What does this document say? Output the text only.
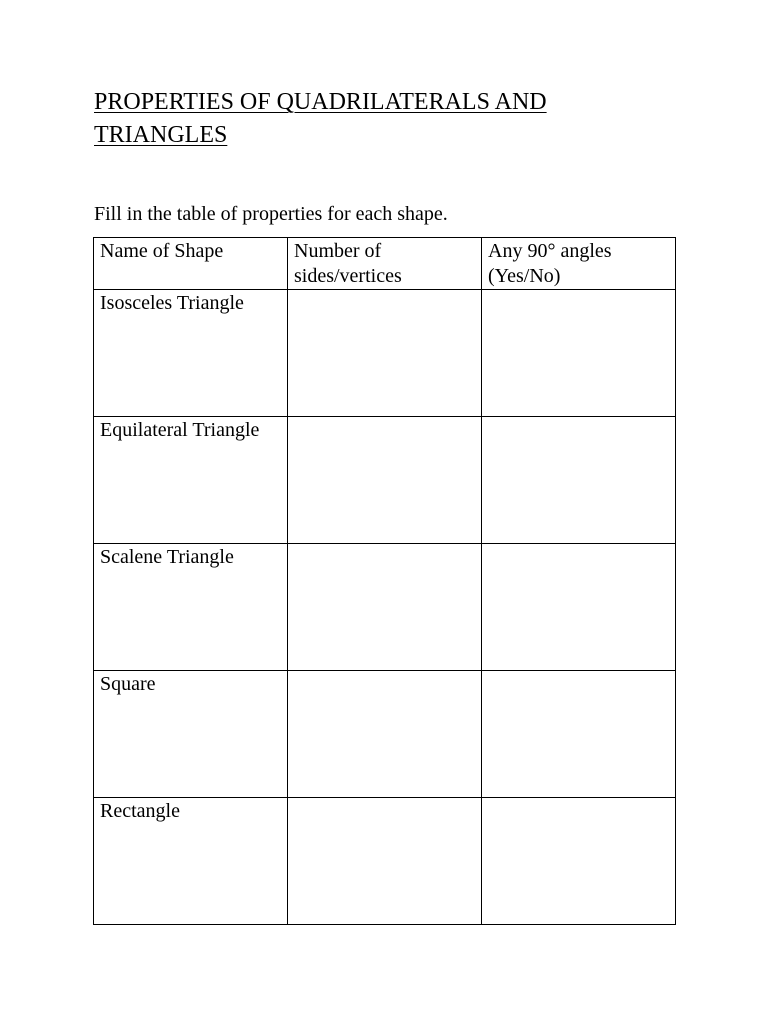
PROPERTIES OF QUADRILATERALS AND
TRIANGLES

Fill in the table of properties for each shape.

Name of Shape	Number of sides/vertices	Any 90° angles (Yes/No)
Isosceles Triangle		
Equilateral Triangle		
Scalene Triangle		
Square		
Rectangle		
